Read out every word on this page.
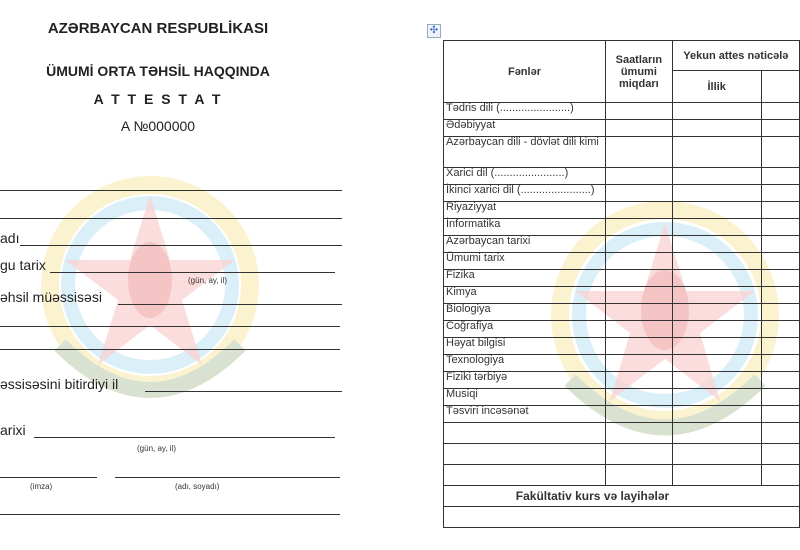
AZƏRBAYCAN RESPUBLİKASI
ÜMUMİ ORTA TƏHSİL HAQQINDA
A T T E S T A T
A №000000
adı
gu tarix
(gün, ay, il)
əhsil müəssisəsi
əssisəsini bitirdiyi il
arixi
(gün, ay, il)
(imza)	(adı, soyadı)
✣
Fənlər	Saatların ümumi miqdarı	Yekun attes nəticələ	
		İllik	
Tədris dili (.......................)			
Ədəbiyyat			
Azərbaycan dili - dövlət dili kimi			
Xarici dil (.......................)			
İkinci xarici dil (.......................)			
Riyaziyyat			
İnformatika			
Azərbaycan tarixi			
Ümumi tarix			
Fizika			
Kimya			
Biologiya			
Coğrafiya			
Həyat bilgisi			
Texnologiya			
Fiziki tərbiyə			
Musiqi			
Təsviri incəsənət			

Fakültativ kurs və layihələr			
